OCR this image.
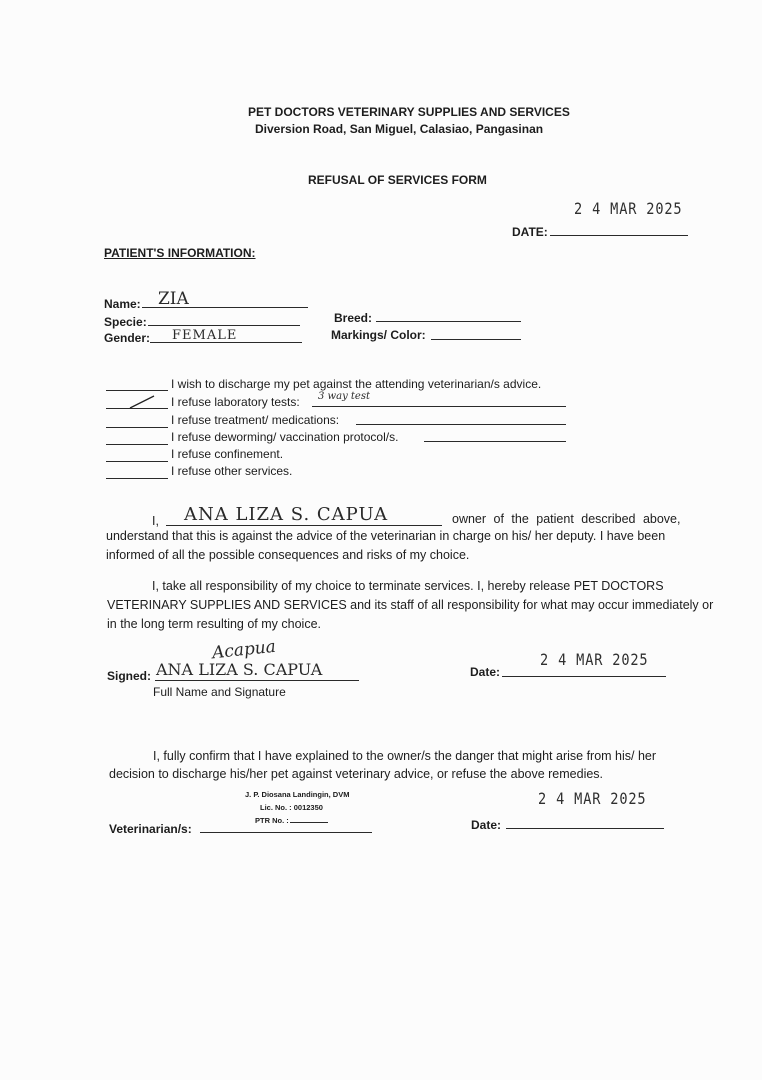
PET DOCTORS VETERINARY SUPPLIES AND SERVICES
Diversion Road, San Miguel, Calasiao, Pangasinan
REFUSAL OF SERVICES FORM
2 4 MAR 2025
DATE:
PATIENT'S INFORMATION:
Name: ZIA
Specie:
Gender: FEMALE
Breed:
Markings/ Color:
I wish to discharge my pet against the attending veterinarian/s advice.
I refuse laboratory tests: 3 way test
I refuse treatment/ medications:
I refuse deworming/ vaccination protocol/s.
I refuse confinement.
I refuse other services.
I, ANA LIZA S. CAPUA	owner of the patient described above,
understand that this is against the advice of the veterinarian in charge on his/ her deputy. I have been
informed of all the possible consequences and risks of my choice.
I, take all responsibility of my choice to terminate services. I, hereby release PET DOCTORS
VETERINARY SUPPLIES AND SERVICES and its staff of all responsibility for what may occur immediately or
in the long term resulting of my choice.
Acapua
Signed: ANA LIZA S. CAPUA
Full Name and Signature
2 4 MAR 2025
Date:
I, fully confirm that I have explained to the owner/s the danger that might arise from his/ her
decision to discharge his/her pet against veterinary advice, or refuse the above remedies.
J. P. Diosana Landingin, DVM
Lic. No. : 0012350
PTR No. :
Veterinarian/s:
2 4 MAR 2025
Date:
